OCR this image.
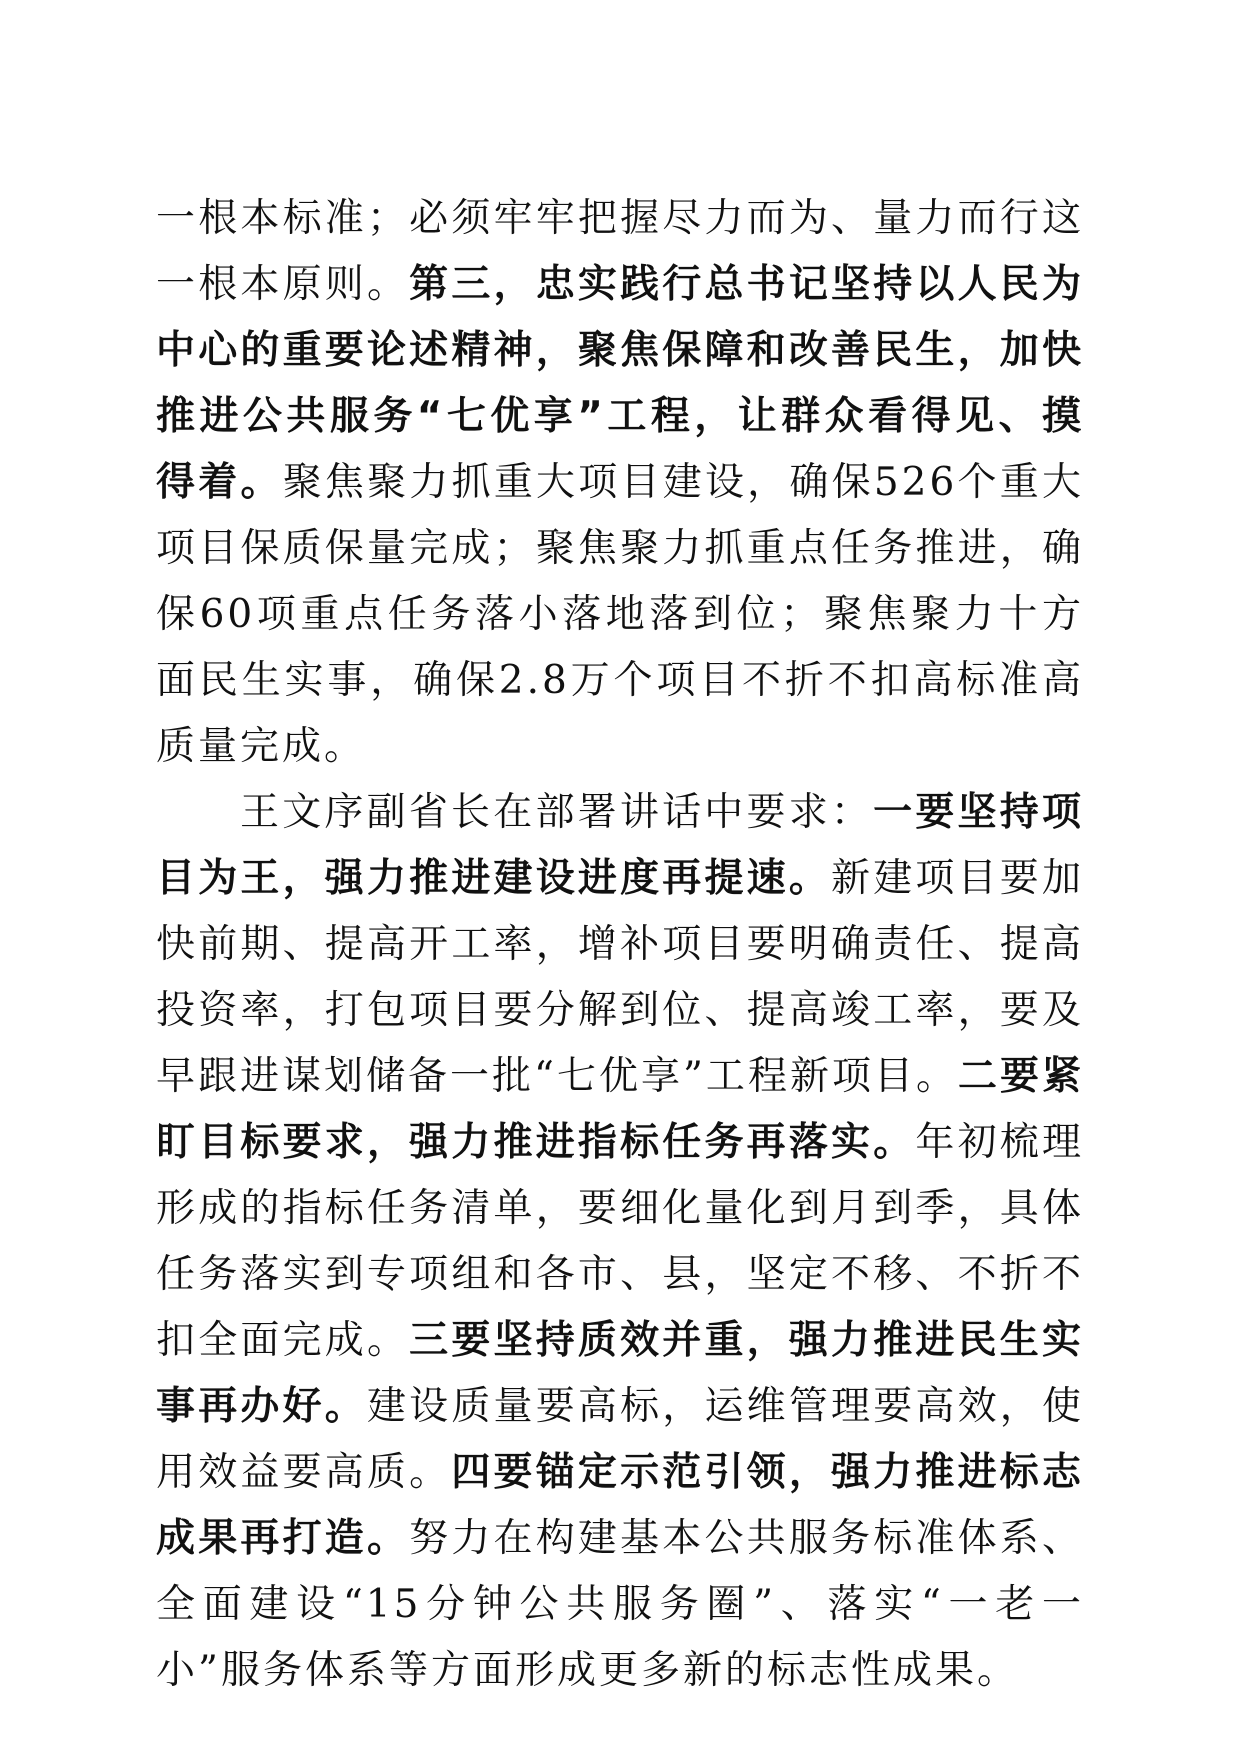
一根本标准；必须牢牢把握尽力而为、量力而行这一根本原则。第三，忠实践行总书记坚持以人民为中心的重要论述精神，聚焦保障和改善民生，加快推进公共服务“七优享”工程，让群众看得见、摸得着。聚焦聚力抓重大项目建设，确保526个重大项目保质保量完成；聚焦聚力抓重点任务推进，确保60项重点任务落小落地落到位；聚焦聚力十方面民生实事，确保2.8万个项目不折不扣高标准高质量完成。

王文序副省长在部署讲话中要求：一要坚持项目为王，强力推进建设进度再提速。新建项目要加快前期、提高开工率，增补项目要明确责任、提高投资率，打包项目要分解到位、提高竣工率，要及早跟进谋划储备一批“七优享”工程新项目。二要紧盯目标要求，强力推进指标任务再落实。年初梳理形成的指标任务清单，要细化量化到月到季，具体任务落实到专项组和各市、县，坚定不移、不折不扣全面完成。三要坚持质效并重，强力推进民生实事再办好。建设质量要高标，运维管理要高效，使用效益要高质。四要锚定示范引领，强力推进标志成果再打造。努力在构建基本公共服务标准体系、全面建设“15分钟公共服务圈”、落实“一老一小”服务体系等方面形成更多新的标志性成果。
